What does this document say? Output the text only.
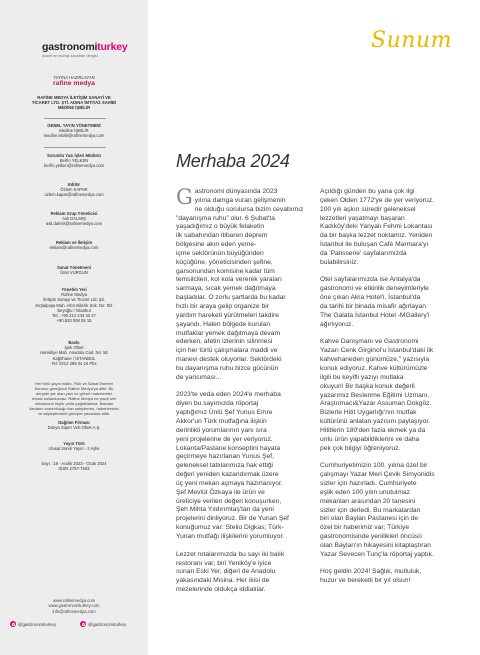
gastronomiturkey
lezzet ve mutfak sanatları dergisi
YAYINA HAZIRLAYAN
rafine medya
RAFİNE MEDYA İLETİŞİM SANAYİ VE
TİCARET LTD. ŞTİ. ADINA İMTİYAZ SAHİBİ
MEDİNE İŞBİLİR
GENEL YAYIN YÖNETMENİ
Medine İŞBİLİR
medine.isbilir@rafinemedya.com
Sorumlu Yazı İşleri Müdürü
Berfin YELKEN
berfin.yelken@rafinemedya.com
Editör
Özlem KAPAR
ozlem.kapar@rafinemedya.com
Reklam Grup Yöneticisi
Aslı DALMIŞ
asli.dalmis@rafinemedya.com
Reklam ve İletişim
reklam@rafinemedya.com
Sanat Yönetmeni
Ümit VURGUN
Yönetim Yeri
Rafine Medya
İletişim Sanayi ve Ticaret Ltd. Şti.
Kirpalpaşa Mah. Altın Bilezik Sok. No: 9/2
Beyoğlu / İstanbul
Tel.: +90 212 243 43 47
+90.533 068 05 15
Baskı
İpek Ofset
Hamidiye Mah. Anadolu Cad. No: 50
Kağıthane / İSTANBUL
Tel: 0212 289 04 24 Pbx
Her türlü yayın hakkı, Fikir ve Sanat Eserleri
Kanunu gereğince Rafine Medya'ya aittir. Bu
dergide yer alan yazı ve görsel malzemeler
izinsiz kullanılamaz. Rafine Medya ne yazılı izin
olmaksızın hiçbir yolla çoğaltılamaz. Basılan
ilanların sorumluluğu ilan sahiplerine, haberlerdeki
ve söyleşilerdeki görüşler yazarlara aittir.
Dağıtım Firması
Dünya Süper Veb Ofset A.Ş.
Yayın Türü
Ulusal Süreli Yayın - 2 Aylık
Sayı : 18 - Aralık 2023 - Ocak 2024
ISSN 2757-7503
www.rafinemedya.com
www.gastronomiturkey.com
info@rafinemedya.com
@gastronomiturkey	@gastronomiturkey
Sunum
Merhaba 2024

G astronomi dünyasında 2023
yılına damga vuran gelişmenin
ne olduğu sorulursa bizim cevabımız
"dayanışma ruhu" olur. 6 Şubat'ta
yaşadığımız o büyük felaketin
ilk sabahından itibaren deprem
bölgesine akın eden yeme-
içme sektörünün büyüğünden
küçüğüne, yöneticisinden şefine,
garsonundan komisine kadar tüm
temsilcileri, kol kola vererek yaraları
sarmaya, sıcak yemek dağıtmaya
başladılar. O zorlu şartlarda bu kadar
hızlı bir araya gelip organize bir
yardım hareketi yürütmeleri takdire
şayandı. Halen bölgede kurulan
mutfaklar yemek dağıtmaya devam
ederken, afetin izlerinin silinmesi
için her türlü çalışmalara maddi ve
manevi destek oluyorlar. Sektördeki
bu dayanışma ruhu bizce gücünün
de yansıması...

2023'te veda eden 2024'e merhaba
diyen bu sayımızda röportaj
yaptığımız Ünlü Şef Yunus Emre
Akkor'un Türk mutfağına ilişkin
derinlikli yorumlarının yanı sıra
yeni projelerine de yer veriyoruz.
Lokanta/Pastane konseptini hayata
geçirmeye hazırlanan Yunus Şef,
geleneksel tatlılarımıza hak ettiği
değeri yeniden kazandırmak üzere
üç yeni mekan açmaya hazırlanıyor.
Şef Mevlüt Özkaya ile ürün ve
üreticiye verilen değeri konuşurken,
Şeh Mihta Yıldırımtaş'tan da yeni
projelerini dinliyoruz. Bir de Yunan Şef
konuğumuz var: Stelio Digkas; Türk-
Yunan mutfağı ilişkilerini yorumluyor.

Lezzet rotalarımızda bu sayı iki balık
restoranı var; biri Yeniköy'e iyice
ısınan Eski Yer, diğeri de Anadolu
yakasındaki Misina. Her ikisi de
mezelerinde oldukça iddialılar.

Açıldığı günden bu yana çok ilgi
çeken Olden 1772'ye de yer veriyoruz.
100 yılı aşkın süredir geleneksel
lezzetleri yaşatmayı başaran
Kadıköy'deki Yanyalı Fehmi Lokantası
da bir başka lezzet noktamız. Yeniden
İstanbul ile buluşan Café Marmara'yı
da 'Patisserie' sayfalarımızda
bulabilirsiniz.

Otel sayfalarımızda ise Antalya'da
gastronomi ve etkinlik deneyimleriyle
öne çıkan Akra Hotel'i, İstanbul'da
da tarihi bir binada misafir ağırlayan
The Galata İstanbul Hotel -MGallery'i
ağırlıyoruz.

Kahve Danışmanı ve Gastronomi
Yazarı Cenk Girginol'u İstanbul'daki ilk
kahvehaneden günümüze," yazısıyla
konuk ediyoruz. Kahve kültürümüzle
ilgili bu keyifli yazıyı mutlaka
okuyun! Bir başka konuk değerli
yazarımız Beslenme Eğitimi Uzmanı,
Araştırmacı&Yazar Assuman Dokgöz.
Bizlerle Hitit Uygarlığı'nın mutfak
kültürünü anlatan yazısını paylaşıyor.
Hititlerin 180'den fazla ekmek ya da
unlu ürün yapabildiklerini ve daha
pek çok bilgiyi öğreniyoruz.

Cumhuriyetimizin 100. yılına özel bir
çalışmayı Yazar Meri Çevik Simyonidis
sizler için hazırladı. Cumhuriyete
eşlik eden 100 yılın unutulmaz
mekanları arasından 20 tanesini
sizler için derledi. Bu markalardan
biri olan Baylan Pastanesi için de
özel bir haberimiz var; Türkiye
gastronomisinde yenilikleri öncüsü
olan Baylan'ın hikayesini kitaplaştıran
Yazar Sevecen Tunç'la röportaj yaptık.

Hoş geldin 2024! Sağlık, mutluluk,
huzur ve bereketli bir yıl olsun!
